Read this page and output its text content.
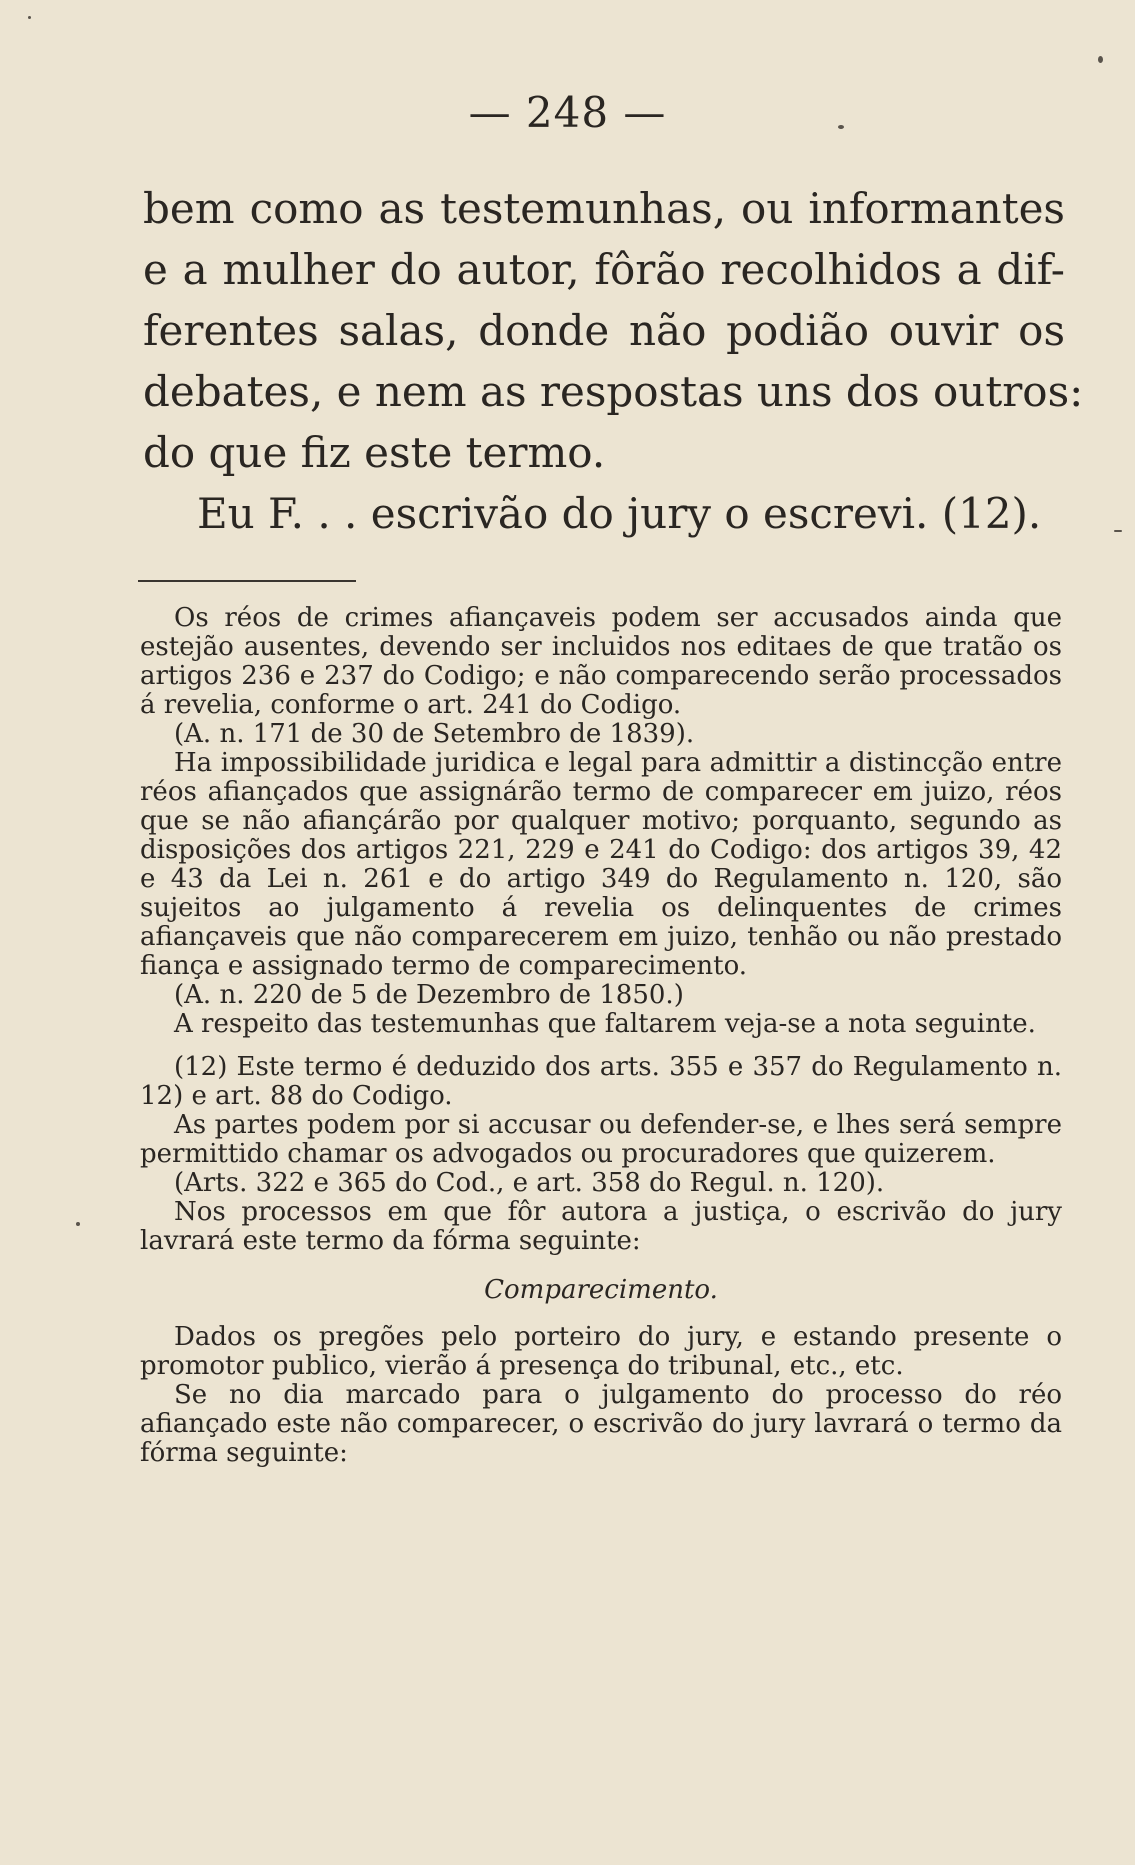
— 248 —
bem como as testemunhas, ou informantes
e a mulher do autor, fôrão recolhidos a dif-
ferentes salas, donde não podião ouvir os
debates, e nem as respostas uns dos outros:
do que fiz este termo.
Eu F. . . escrivão do jury o escrevi. (12).

Os réos de crimes afiançaveis podem ser accusados ainda que estejão ausentes, devendo ser incluidos nos editaes de que tratão os artigos 236 e 237 do Codigo; e não comparecendo serão processados á revelia, conforme o art. 241 do Codigo.

(A. n. 171 de 30 de Setembro de 1839).

Ha impossibilidade juridica e legal para admittir a distincção entre réos afiançados que assignárão termo de comparecer em juizo, réos que se não afiançárão por qualquer motivo; porquanto, segundo as disposições dos artigos 221, 229 e 241 do Codigo: dos artigos 39, 42 e 43 da Lei n. 261 e do artigo 349 do Regulamento n. 120, são sujeitos ao julgamento á revelia os delinquentes de crimes afiançaveis que não comparecerem em juizo, tenhão ou não prestado fiança e assignado termo de comparecimento.

(A. n. 220 de 5 de Dezembro de 1850.)

A respeito das testemunhas que faltarem veja-se a nota seguinte.

(12) Este termo é deduzido dos arts. 355 e 357 do Regulamento n. 12) e art. 88 do Codigo.

As partes podem por si accusar ou defender-se, e lhes será sempre permittido chamar os advogados ou procuradores que quizerem.

(Arts. 322 e 365 do Cod., e art. 358 do Regul. n. 120).

Nos processos em que fôr autora a justiça, o escrivão do jury lavrará este termo da fórma seguinte:

Comparecimento.

Dados os pregões pelo porteiro do jury, e estando presente o promotor publico, vierão á presença do tribunal, etc., etc.

Se no dia marcado para o julgamento do processo do réo afiançado este não comparecer, o escrivão do jury lavrará o termo da fórma seguinte:
